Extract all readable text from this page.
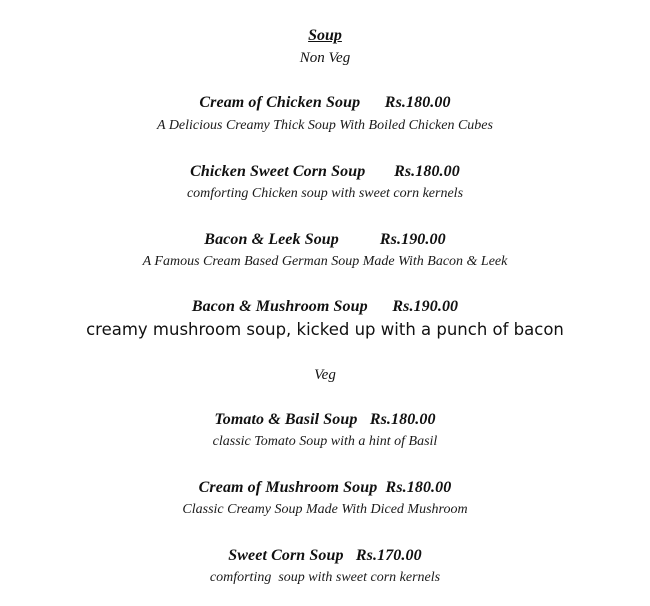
Soup
Non Veg
Cream of Chicken Soup Rs.180.00
A Delicious Creamy Thick Soup With Boiled Chicken Cubes
Chicken Sweet Corn Soup Rs.180.00
comforting Chicken soup with sweet corn kernels
Bacon & Leek Soup	Rs.190.00
A Famous Cream Based German Soup Made With Bacon & Leek
Bacon & Mushroom Soup Rs.190.00
creamy mushroom soup, kicked up with a punch of bacon
Veg
Tomato & Basil Soup Rs.180.00
classic Tomato Soup with a hint of Basil
Cream of Mushroom Soup Rs.180.00
Classic Creamy Soup Made With Diced Mushroom
Sweet Corn Soup Rs.170.00
comforting  soup with sweet corn kernels
